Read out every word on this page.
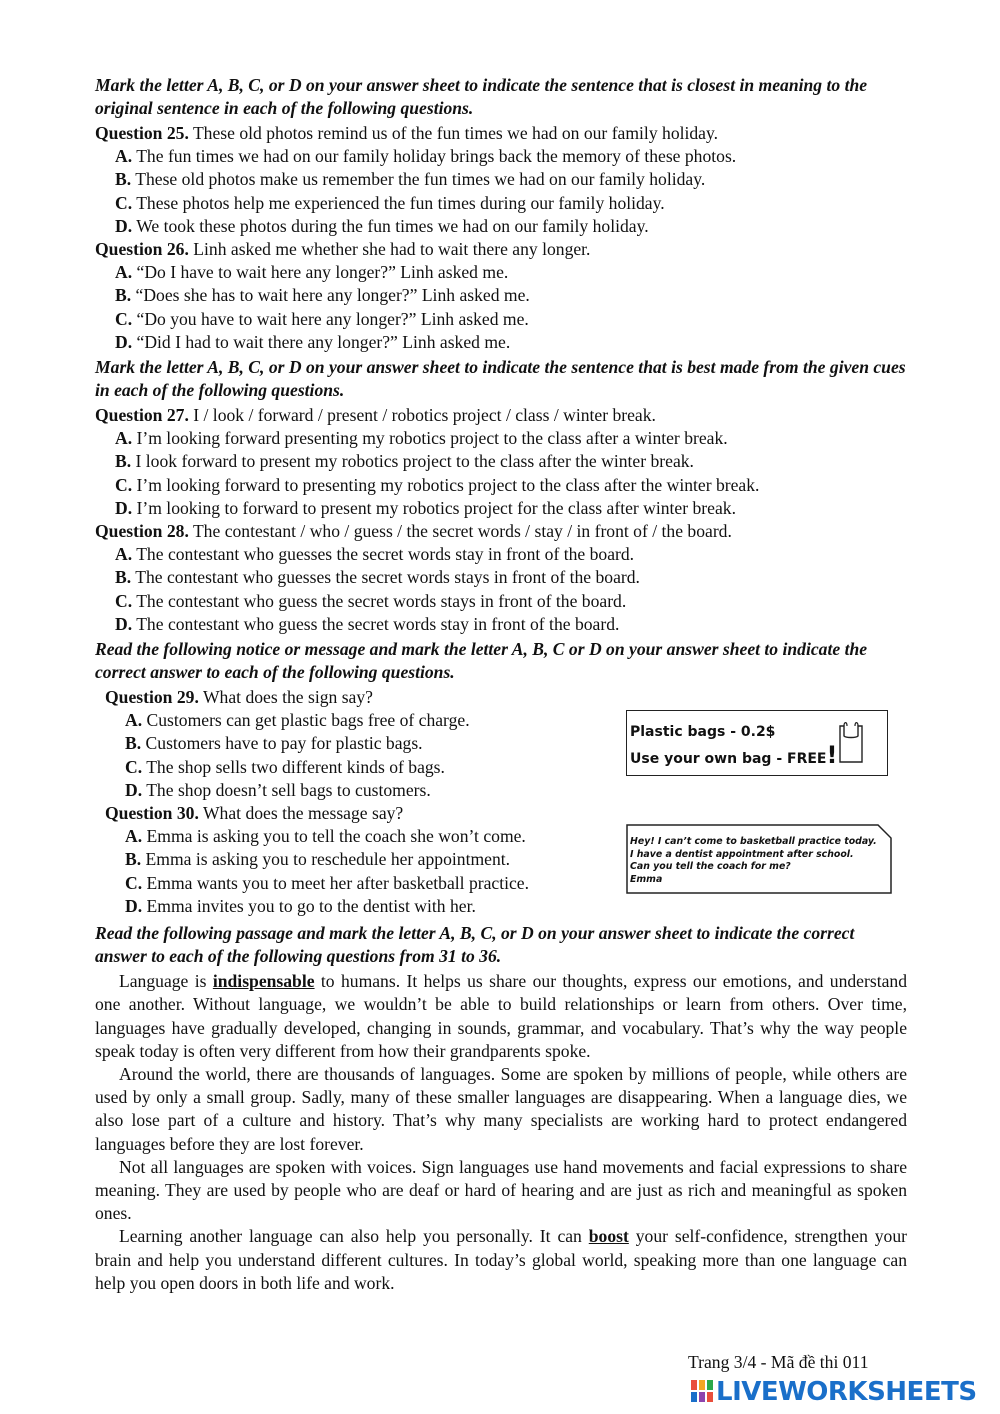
Mark the letter A, B, C, or D on your answer sheet to indicate the sentence that is closest in meaning to the original sentence in each of the following questions.
Question 25. These old photos remind us of the fun times we had on our family holiday.
A. The fun times we had on our family holiday brings back the memory of these photos.
B. These old photos make us remember the fun times we had on our family holiday.
C. These photos help me experienced the fun times during our family holiday.
D. We took these photos during the fun times we had on our family holiday.
Question 26. Linh asked me whether she had to wait there any longer.
A. “Do I have to wait here any longer?” Linh asked me.
B. “Does she has to wait here any longer?” Linh asked me.
C. “Do you have to wait here any longer?” Linh asked me.
D. “Did I had to wait there any longer?” Linh asked me.
Mark the letter A, B, C, or D on your answer sheet to indicate the sentence that is best made from the given cues in each of the following questions.
Question 27. I / look / forward / present / robotics project / class / winter break.
A. I’m looking forward presenting my robotics project to the class after a winter break.
B. I look forward to present my robotics project to the class after the winter break.
C. I’m looking forward to presenting my robotics project to the class after the winter break.
D. I’m looking to forward to present my robotics project for the class after winter break.
Question 28. The contestant / who / guess / the secret words / stay / in front of / the board.
A. The contestant who guesses the secret words stay in front of the board.
B. The contestant who guesses the secret words stays in front of the board.
C. The contestant who guess the secret words stays in front of the board.
D. The contestant who guess the secret words stay in front of the board.
Read the following notice or message and mark the letter A, B, C or D on your answer sheet to indicate the correct answer to each of the following questions.
Question 29. What does the sign say?
A. Customers can get plastic bags free of charge.
B. Customers have to pay for plastic bags.
C. The shop sells two different kinds of bags.
D. The shop doesn’t sell bags to customers.
Question 30. What does the message say?
A. Emma is asking you to tell the coach she won’t come.
B. Emma is asking you to reschedule her appointment.
C. Emma wants you to meet her after basketball practice.
D. Emma invites you to go to the dentist with her.
Plastic bags - 0.2$
Use your own bag - FREE!
Hey! I can’t come to basketball practice today.
I have a dentist appointment after school.
Can you tell the coach for me?
Emma
Read the following passage and mark the letter A, B, C, or D on your answer sheet to indicate the correct answer to each of the following questions from 31 to 36.

Language is indispensable to humans. It helps us share our thoughts, express our emotions, and understand one another. Without language, we wouldn’t be able to build relationships or learn from others. Over time, languages have gradually developed, changing in sounds, grammar, and vocabulary. That’s why the way people speak today is often very different from how their grandparents spoke.

Around the world, there are thousands of languages. Some are spoken by millions of people, while others are used by only a small group. Sadly, many of these smaller languages are disappearing. When a language dies, we also lose part of a culture and history. That’s why many specialists are working hard to protect endangered languages before they are lost forever.

Not all languages are spoken with voices. Sign languages use hand movements and facial expressions to share meaning. They are used by people who are deaf or hard of hearing and are just as rich and meaningful as spoken ones.

Learning another language can also help you personally. It can boost your self-confidence, strengthen your brain and help you understand different cultures. In today’s global world, speaking more than one language can help you open doors in both life and work.

Trang 3/4 - Mã đề thi 011
LIVEWORKSHEETS
